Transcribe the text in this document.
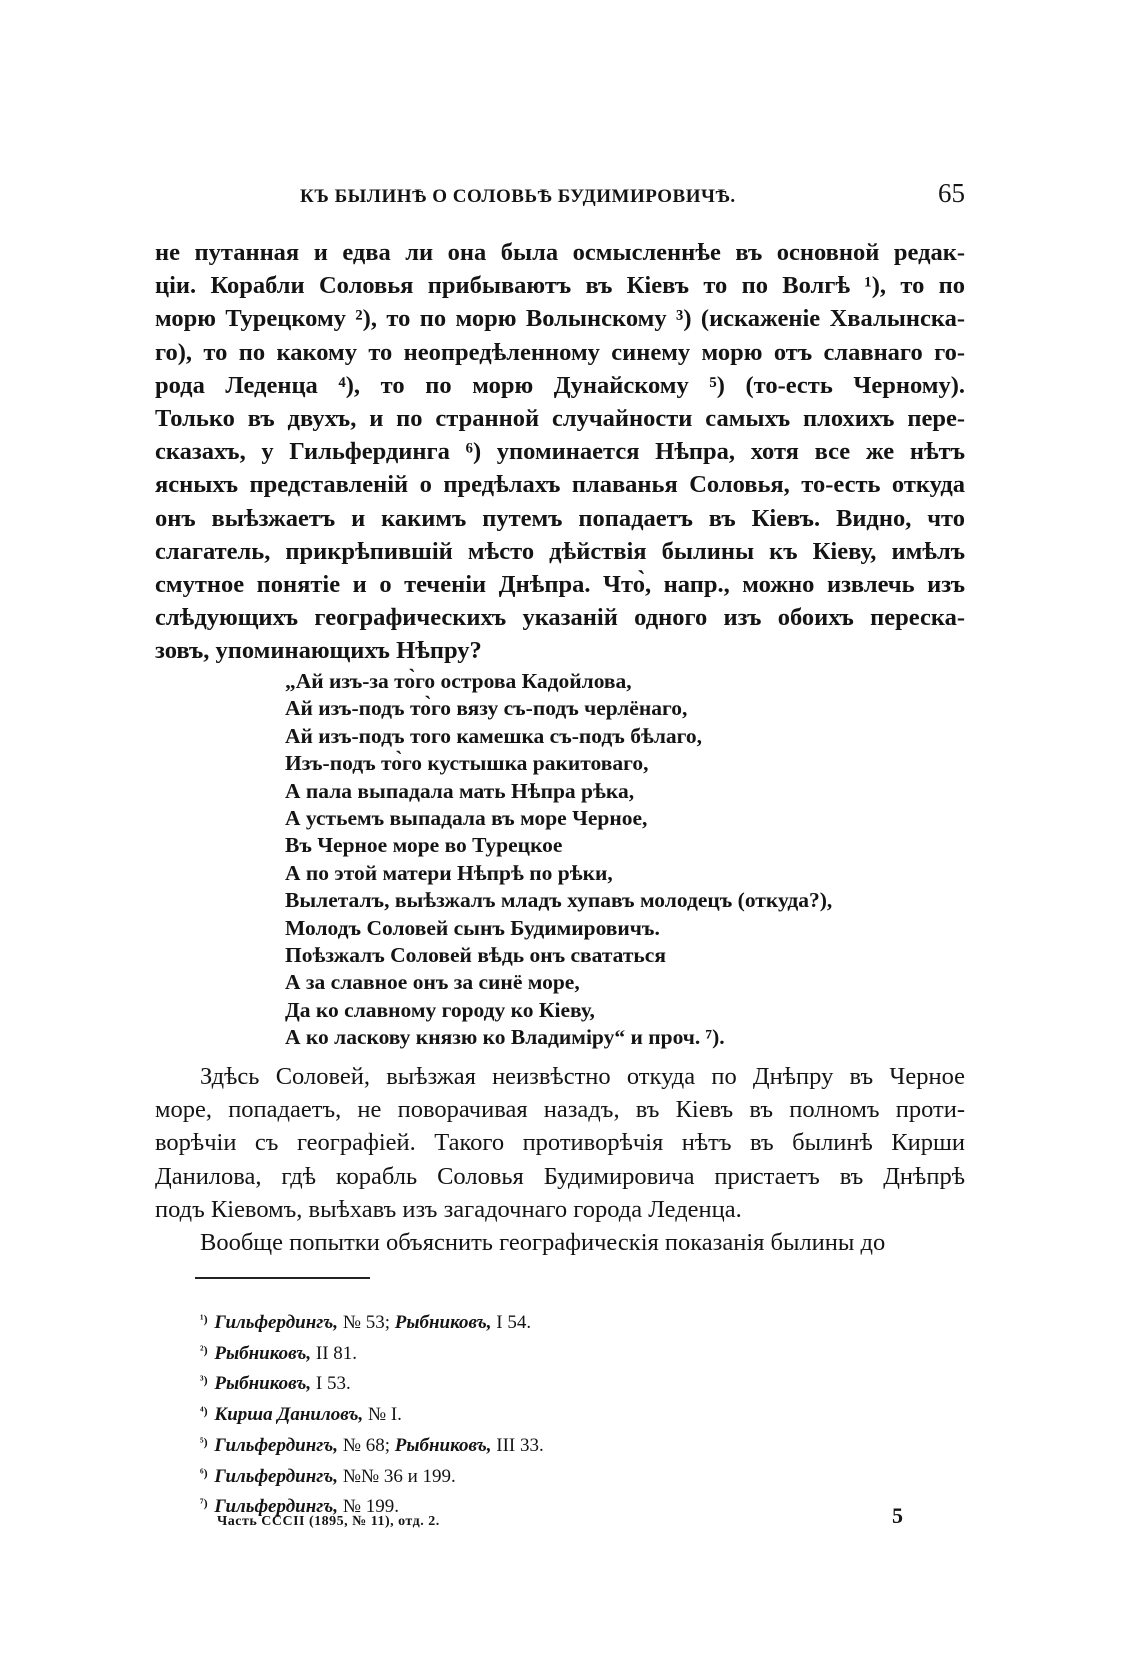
КЪ БЫЛИНѢ О СОЛОВЬѢ БУДИМИРОВИЧѢ.	65
не путанная и едва ли она была осмысленнѣе въ основной редак-
ціи. Корабли Соловья прибываютъ въ Кіевъ то по Волгѣ ¹), то по
морю Турецкому ²), то по морю Волынскому ³) (искаженіе Хвалынска-
го), то по какому то неопредѣленному синему морю отъ славнаго го-
рода Леденца ⁴), то по морю Дунайскому ⁵) (то-есть Черному).
Только въ двухъ, и по странной случайности самыхъ плохихъ пере-
сказахъ, у Гильфердинга ⁶) упоминается Нѣпра, хотя все же нѣтъ
ясныхъ представленій о предѣлахъ плаванья Соловья, то-есть откуда
онъ выѣзжаетъ и какимъ путемъ попадаетъ въ Кіевъ. Видно, что
слагатель, прикрѣпившій мѣсто дѣйствія былины къ Кіеву, имѣлъ
смутное понятіе и о теченіи Днѣпра. Что̀, напр., можно извлечь изъ
слѣдующихъ географическихъ указаній одного изъ обоихъ переска-
зовъ, упоминающихъ Нѣпру?
„Ай изъ-за то̀го острова Кадойлова,
Ай изъ-подъ то̀го вязу съ-подъ черлёнаго,
Ай изъ-подъ того камешка съ-подъ бѣлаго,
Изъ-подъ то̀го кустышка ракитоваго,
А пала выпадала мать Нѣпра рѣка,
А устьемъ выпадала въ море Черное,
Въ Черное море во Турецкое
А по этой матери Нѣпрѣ по рѣки,
Вылеталъ, выѣзжалъ младъ хупавъ молодецъ (откуда?),
Молодъ Соловей сынъ Будимировичъ.
Поѣзжалъ Соловей вѣдь онъ свататься
А за славное онъ за синё море,
Да ко славному городу ко Кіеву,
А ко ласкову князю ко Владиміру“ и проч. ⁷).
Здѣсь Соловей, выѣзжая неизвѣстно откуда по Днѣпру въ Черное
море, попадаетъ, не поворачивая назадъ, въ Кіевъ въ полномъ проти-
ворѣчіи съ географіей. Такого противорѣчія нѣтъ въ былинѣ Кирши
Данилова, гдѣ корабль Соловья Будимировича пристаетъ въ Днѣпрѣ
подъ Кіевомъ, выѣхавъ изъ загадочнаго города Леденца.
Вообще попытки объяснить географическія показанія былины до
$^{^1)}$ Гильфердингъ, № 53; Рыбниковъ, I 54.
$^{^2)}$ Рыбниковъ, II 81.
$^{^3)}$ Рыбниковъ, I 53.
$^{^4)}$ Кирша Даниловъ, № I.
$^{^5)}$ Гильфердингъ, № 68; Рыбниковъ, III 33.
$^{^6)}$ Гильфердингъ, №№ 36 и 199.
$^{^7)}$ Гильфердингъ, № 199.
Часть СССII (1895, № 11), отд. 2.	5
